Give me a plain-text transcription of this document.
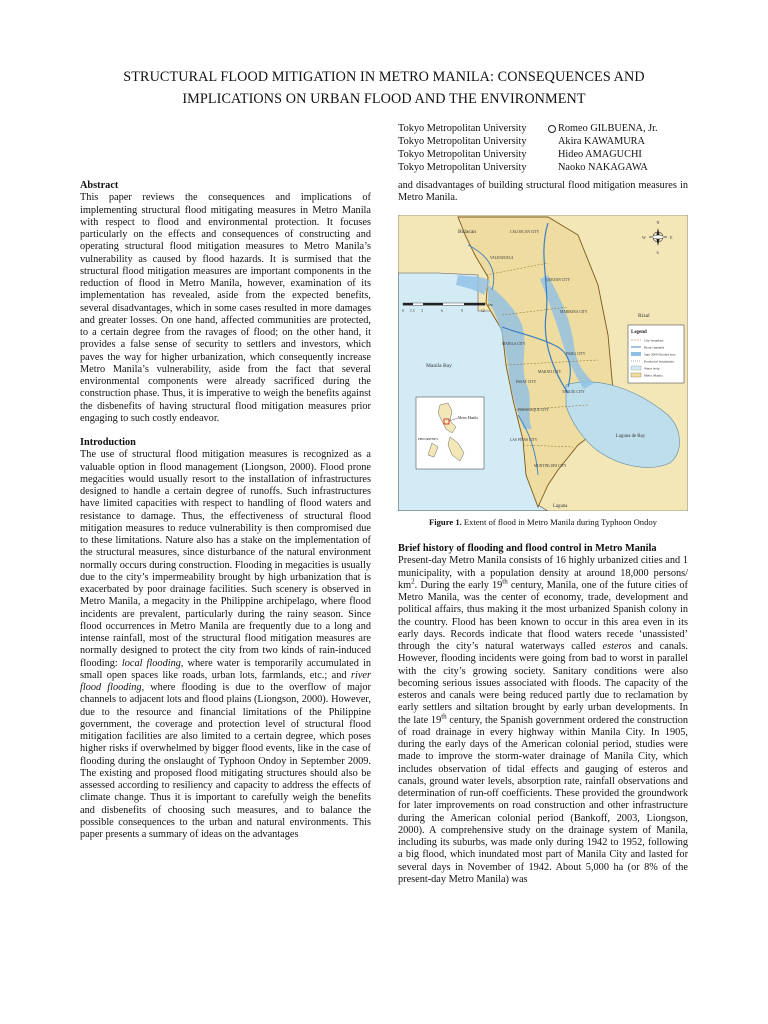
STRUCTURAL FLOOD MITIGATION IN METRO MANILA: CONSEQUENCES AND
IMPLICATIONS ON URBAN FLOOD AND THE ENVIRONMENT
Tokyo Metropolitan University	Romeo GILBUENA, Jr.
Tokyo Metropolitan University	Akira KAWAMURA
Tokyo Metropolitan University	Hideo AMAGUCHI
Tokyo Metropolitan University	Naoko NAKAGAWA
Abstract

This paper reviews the consequences and implications of implementing structural flood mitigating measures in Metro Manila with respect to flood and environmental protection. It focuses particularly on the effects and consequences of constructing and operating structural flood mitigation measures to Metro Manila’s vulnerability as caused by flood hazards. It is surmised that the structural flood mitigation measures are important components in the reduction of flood in Metro Manila, however, examination of its implementation has revealed, aside from the expected benefits, several disadvantages, which in some cases resulted in more damages and greater losses. On one hand, affected communities are protected, to a certain degree from the ravages of flood; on the other hand, it provides a false sense of security to settlers and investors, which paves the way for higher urbanization, which consequently increase Metro Manila’s vulnerability, aside from the fact that several environmental components were already sacrificed during the construction phase. Thus, it is imperative to weigh the benefits against the disbenefits of having structural flood mitigation measures prior engaging to such costly endeavor.

Introduction

The use of structural flood mitigation measures is recognized as a valuable option in flood management (Liongson, 2000). Flood prone megacities would usually resort to the installation of infrastructures designed to handle a certain degree of runoffs. Such infrastructures have limited capacities with respect to handling of flood waters and resistance to damage. Thus, the effectiveness of structural flood mitigation measures to reduce vulnerability is then compromised due to these limitations. Nature also has a stake on the implementation of the structural measures, since disturbance of the natural environment normally occurs during construction. Flooding in megacities is usually due to the city’s impermeability brought by high urbanization that is exacerbated by poor drainage facilities. Such scenery is observed in Metro Manila, a megacity in the Philippine archipelago, where flood incidents are prevalent, particularly during the rainy season. Since flood occurrences in Metro Manila are frequently due to a long and intense rainfall, most of the structural flood mitigation measures are normally designed to protect the city from two kinds of rain-induced flooding: local flooding, where water is temporarily accumulated in small open spaces like roads, urban lots, farmlands, etc.; and river flood flooding, where flooding is due to the overflow of major channels to adjacent lots and flood plains (Liongson, 2000). However, due to the resource and financial limitations of the Philippine government, the coverage and protection level of structural flood mitigation facilities are also limited to a certain degree, which poses higher risks if overwhelmed by bigger flood events, like in the case of flooding during the onslaught of Typhoon Ondoy in September 2009. The existing and proposed flood mitigating structures should also be assessed according to resiliency and capacity to address the effects of climate change. Thus it is important to carefully weigh the benefits and disbenefits of choosing such measures, and to balance the possible consequences to the urban and natural environments. This paper presents a summary of ideas on the advantages

and disadvantages of building structural flood mitigation measures in Metro Manila.
Bulacan
Rizal
Manila Bay
Laguna de Bay
Laguna
CALOOCAN CITY
VALENZUELA
QUEZON CITY
MARIKINA CITY
MANILA CITY
PASIG CITY
MAKATI CITY
TAGUIG CITY
PASAY CITY
PARANAQUE CITY
LAS PINAS CITY
MUNTINLUPA CITY
N
S
W	E
0 1.5 3	6	9	12
km
Legend
City boundary
River channels
Sept 2009 flooded area
Provincial boundaries
Water body
Metro Manila
Metro Manila
PHILIPPINES
Figure 1. Extent of flood in Metro Manila during Typhoon Ondoy
Brief history of flooding and flood control in Metro Manila

Present-day Metro Manila consists of 16 highly urbanized cities and 1 municipality, with a population density at around 18,000 persons/ $km^2$. During the early 19th century, Manila, one of the future cities of Metro Manila, was the center of economy, trade, development and political affairs, thus making it the most urbanized Spanish colony in the country. Flood has been known to occur in this area even in its early days. Records indicate that flood waters recede ‘unassisted’ through the city’s natural waterways called esteros and canals. However, flooding incidents were going from bad to worst in parallel with the city’s growing society. Sanitary conditions were also becoming serious issues associated with floods. The capacity of the esteros and canals were being reduced partly due to reclamation by early settlers and siltation brought by early urban developments. In the late 19th century, the Spanish government ordered the construction of road drainage in every highway within Manila City. In 1905, during the early days of the American colonial period, studies were made to improve the storm-water drainage of Manila City, which includes observation of tidal effects and gauging of esteros and canals, ground water levels, absorption rate, rainfall observations and determination of run-off coefficients. These provided the groundwork for later improvements on road construction and other infrastructure during the American colonial period (Bankoff, 2003, Liongson, 2000). A comprehensive study on the drainage system of Manila, including its suburbs, was made only during 1942 to 1952, following a big flood, which inundated most part of Manila City and lasted for several days in November of 1942. About 5,000 ha (or 8% of the present-day Metro Manila) was
